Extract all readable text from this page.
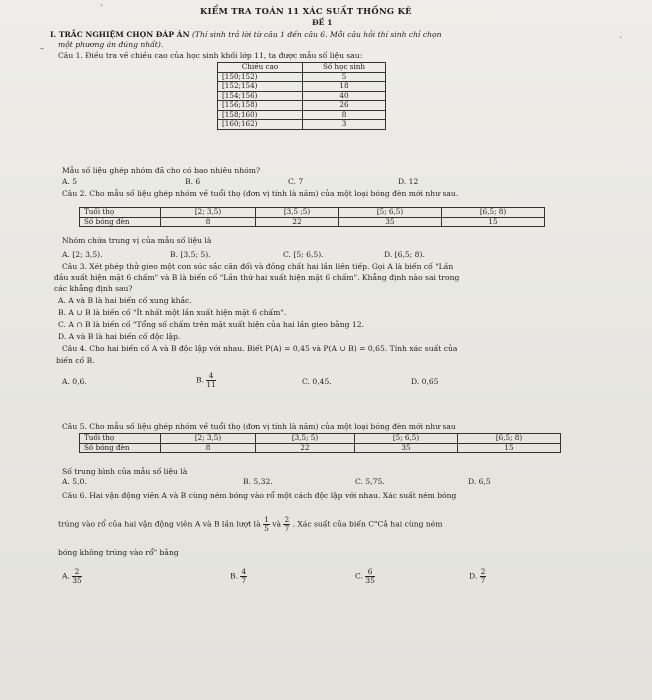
KIỂM TRA TOÁN 11 XÁC SUẤT THỐNG KÊ
ĐỀ 1
I. TRẮC NGHIỆM CHỌN ĐÁP ÁN (Thí sinh trả lời từ câu 1 đến câu 6. Mỗi câu hỏi thí sinh chỉ chọn
một phương án đúng nhất).
Câu 1. Điều tra về chiều cao của học sinh khối lớp 11, ta được mẫu số liệu sau:
Chiều cao	Số học sinh
[150;152)	5
[152;154)	18
[154;156)	40
[156;158)	26
[158;160)	8
[160;162)	3
Mẫu số liệu ghép nhóm đã cho có bao nhiêu nhóm?
A. 5	B. 6	C. 7	D. 12
Câu 2. Cho mẫu số liệu ghép nhóm về tuổi thọ (đơn vị tính là năm) của một loại bóng đèn mới như sau.
Tuổi thọ	[2; 3,5)	[3,5 ;5)	[5; 6,5)	[6,5; 8)
Số bóng đèn	8	22	35	15
Nhóm chứa trung vị của mẫu số liệu là
A. [2; 3,5).	B. [3,5; 5).	C. [5; 6,5).	D. [6,5; 8).
Câu 3. Xét phép thử gieo một con súc sắc cân đối và đồng chất hai lần liên tiếp. Gọi A là biến cố "Lần
đầu xuất hiện mặt 6 chấm" và B là biến cố "Lần thứ hai xuất hiện mặt 6 chấm". Khẳng định nào sai trong
các khẳng định sau?
A. A và B là hai biến cố xung khắc.
B. A ∪ B là biến cố "Ít nhất một lần xuất hiện mặt 6 chấm".
C. A ∩ B là biến cố "Tổng số chấm trên mặt xuất hiện của hai lần gieo bằng 12.
D. A và B là hai biến cố độc lập.
Câu 4. Cho hai biến cố A và B độc lập với nhau. Biết P(A) = 0,45 và P(A ∪ B) = 0,65. Tính xác suất của
biến cố B.
A. 0,6.	B. $\frac{4}{11}$	C. 0,45.	D. 0,65
Câu 5. Cho mẫu số liệu ghép nhóm về tuổi thọ (đơn vị tính là năm) của một loại bóng đèn mới như sau
Tuổi thọ	[2; 3,5)	[3,5; 5)	[5; 6,5)	[6,5; 8)
Số bóng đèn	8	22	35	15
Số trung bình của mẫu số liệu là
A. 5,0.	B. 5,32.	C. 5,75.	D. 6,5
Câu 6. Hai vận động viên A và B cùng ném bóng vào rổ một cách độc lập với nhau. Xác suất ném bóng
trúng vào rổ của hai vận động viên A và B lần lượt là $\frac{1}{5}$ và $\frac{2}{7}$ . Xác suất của biến C"Cả hai cùng ném
bóng không trúng vào rổ" bằng
A. $\frac{2}{35}$	B. $\frac{4}{7}$	C. $\frac{6}{35}$	D. $\frac{2}{7}$
`
–
,
